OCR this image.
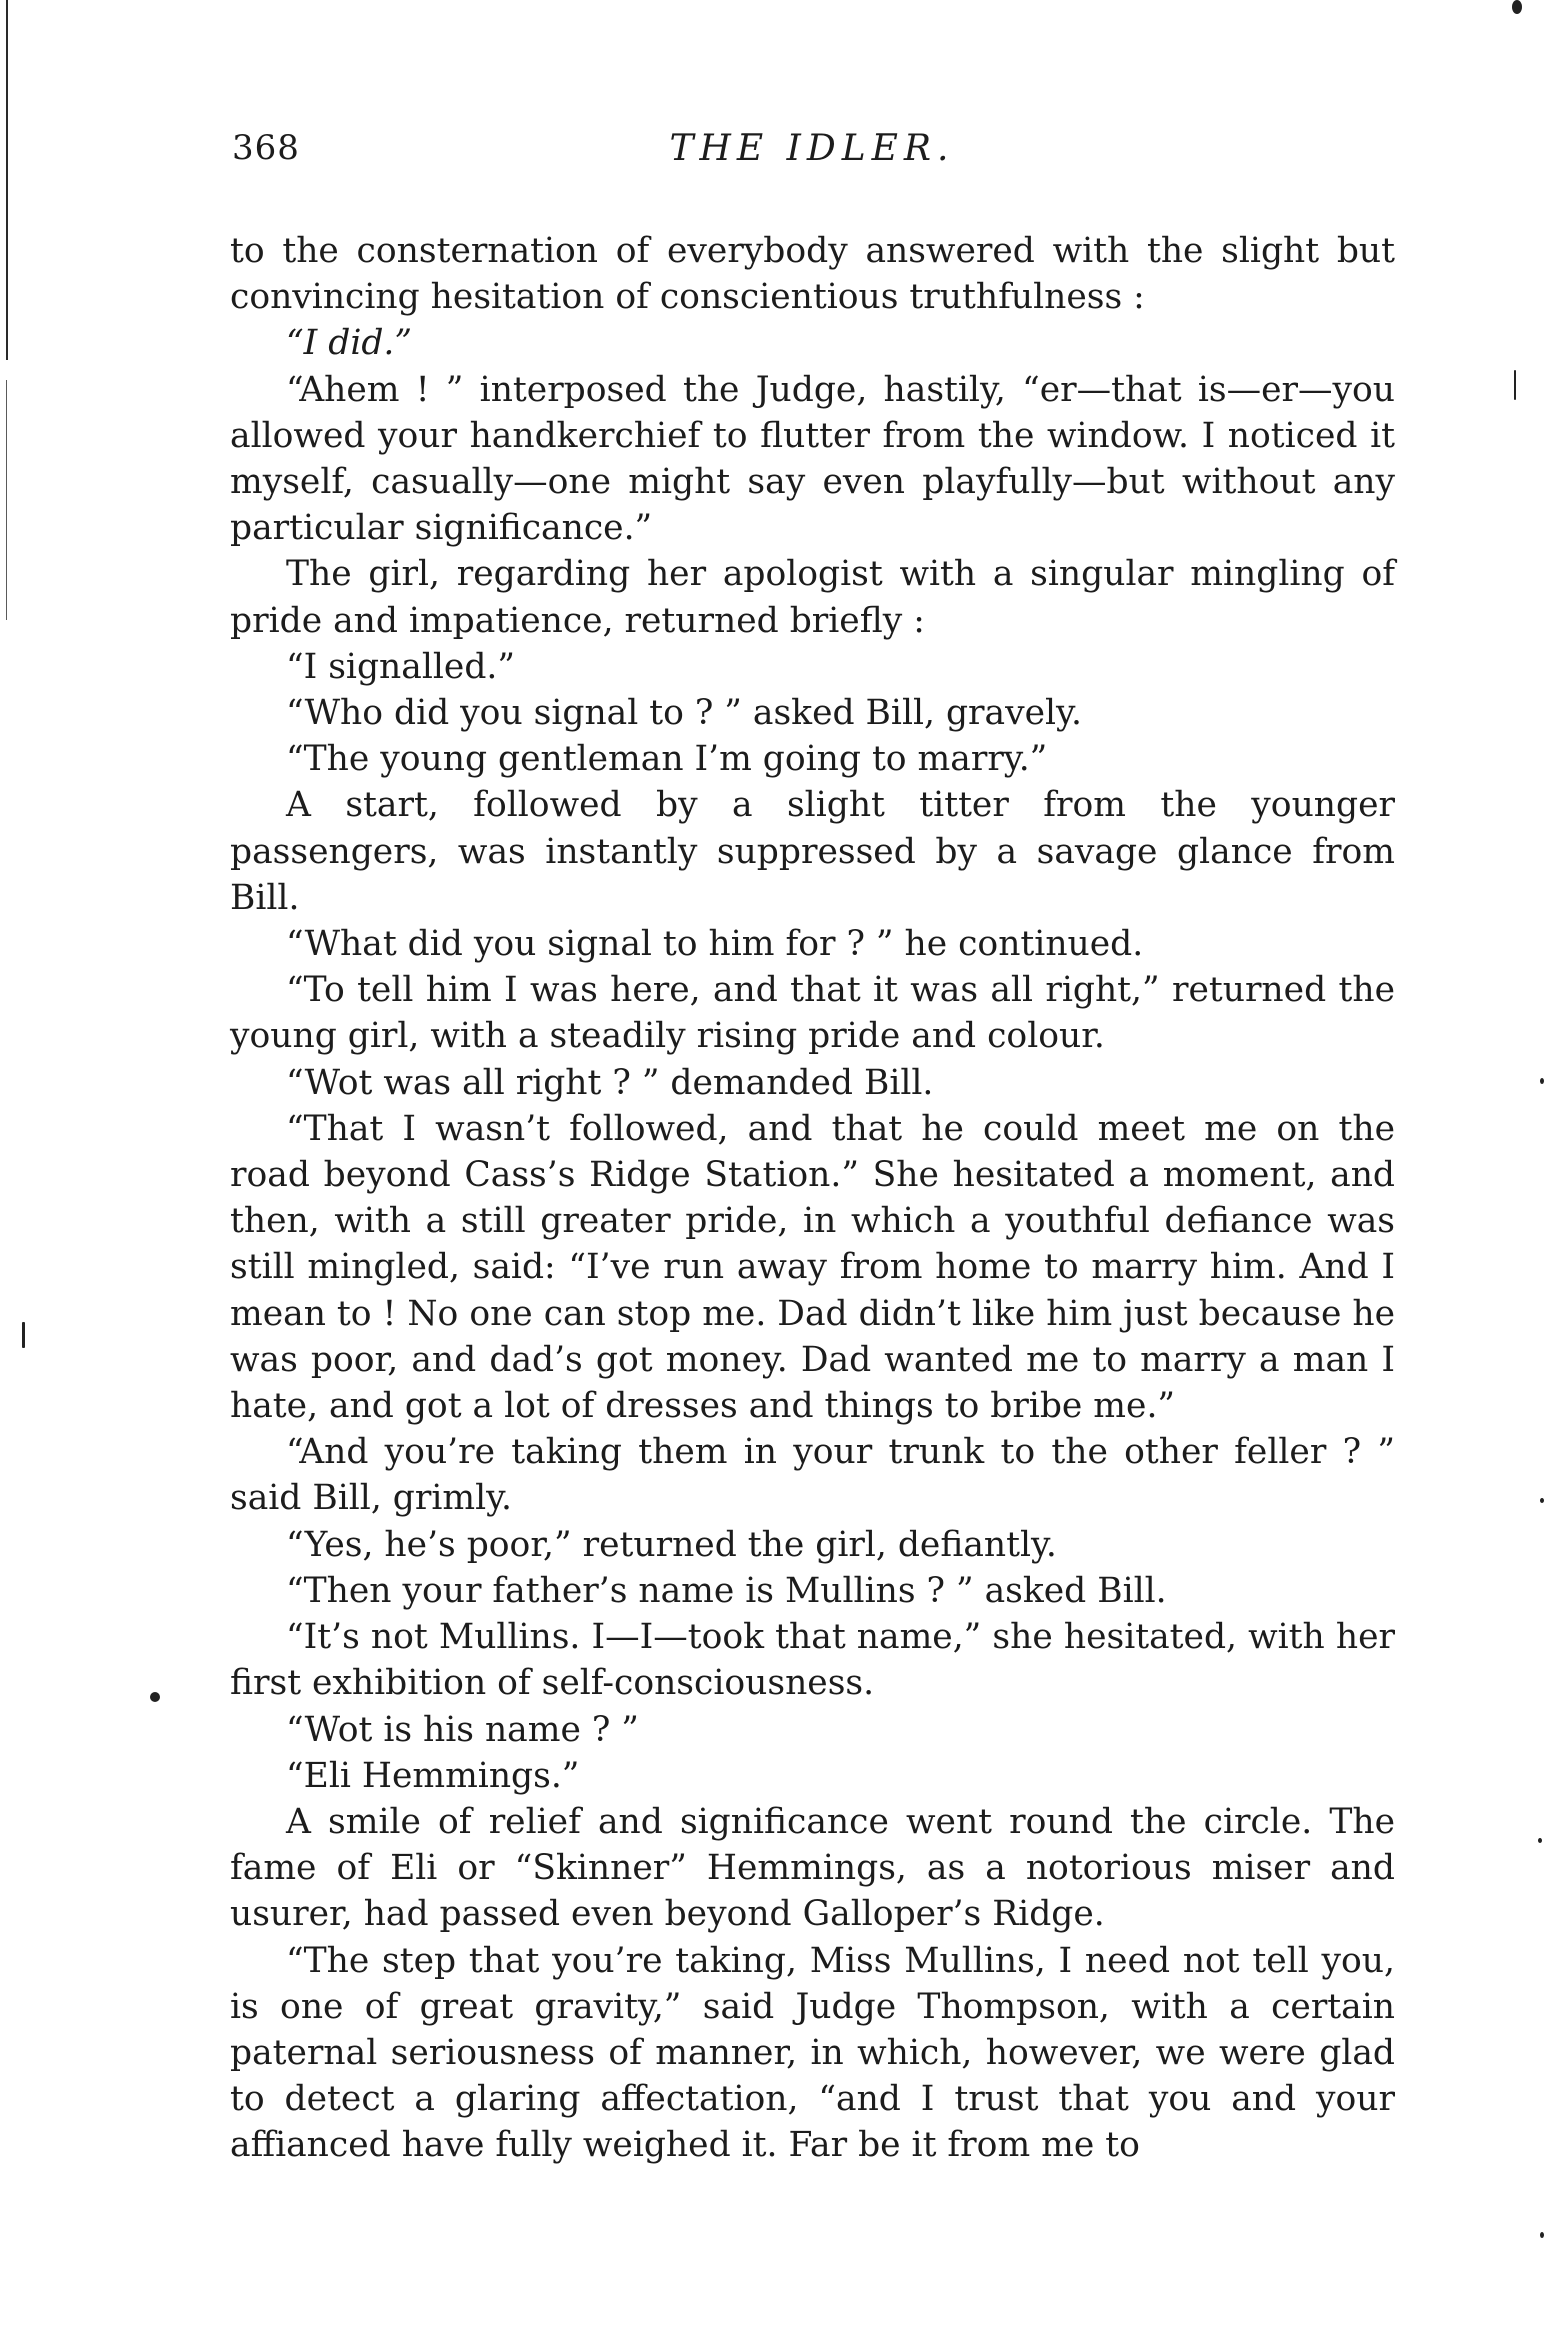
368	THE IDLER.

to the consternation of everybody answered with the slight but convincing hesitation of conscientious truthfulness :

“I did.”

“Ahem ! ” interposed the Judge, hastily, “er—that is—er—you allowed your handkerchief to flutter from the window. I noticed it myself, casually—one might say even playfully—but without any particular significance.”

The girl, regarding her apologist with a singular mingling of pride and impatience, returned briefly :

“I signalled.”

“Who did you signal to ? ” asked Bill, gravely.

“The young gentleman I’m going to marry.”

A start, followed by a slight titter from the younger passengers, was instantly suppressed by a savage glance from Bill.

“What did you signal to him for ? ” he continued.

“To tell him I was here, and that it was all right,” returned the young girl, with a steadily rising pride and colour.

“Wot was all right ? ” demanded Bill.

“That I wasn’t followed, and that he could meet me on the road beyond Cass’s Ridge Station.” She hesitated a moment, and then, with a still greater pride, in which a youthful defiance was still mingled, said: “I’ve run away from home to marry him. And I mean to ! No one can stop me. Dad didn’t like him just because he was poor, and dad’s got money. Dad wanted me to marry a man I hate, and got a lot of dresses and things to bribe me.”

“And you’re taking them in your trunk to the other feller ? ” said Bill, grimly.

“Yes, he’s poor,” returned the girl, defiantly.

“Then your father’s name is Mullins ? ” asked Bill.

“It’s not Mullins. I—I—took that name,” she hesitated, with her first exhibition of self-consciousness.

“Wot is his name ? ”

“Eli Hemmings.”

A smile of relief and significance went round the circle. The fame of Eli or “Skinner” Hemmings, as a notorious miser and usurer, had passed even beyond Galloper’s Ridge.

“The step that you’re taking, Miss Mullins, I need not tell you, is one of great gravity,” said Judge Thompson, with a certain paternal seriousness of manner, in which, however, we were glad to detect a glaring affectation, “and I trust that you and your affianced have fully weighed it. Far be it from me to
